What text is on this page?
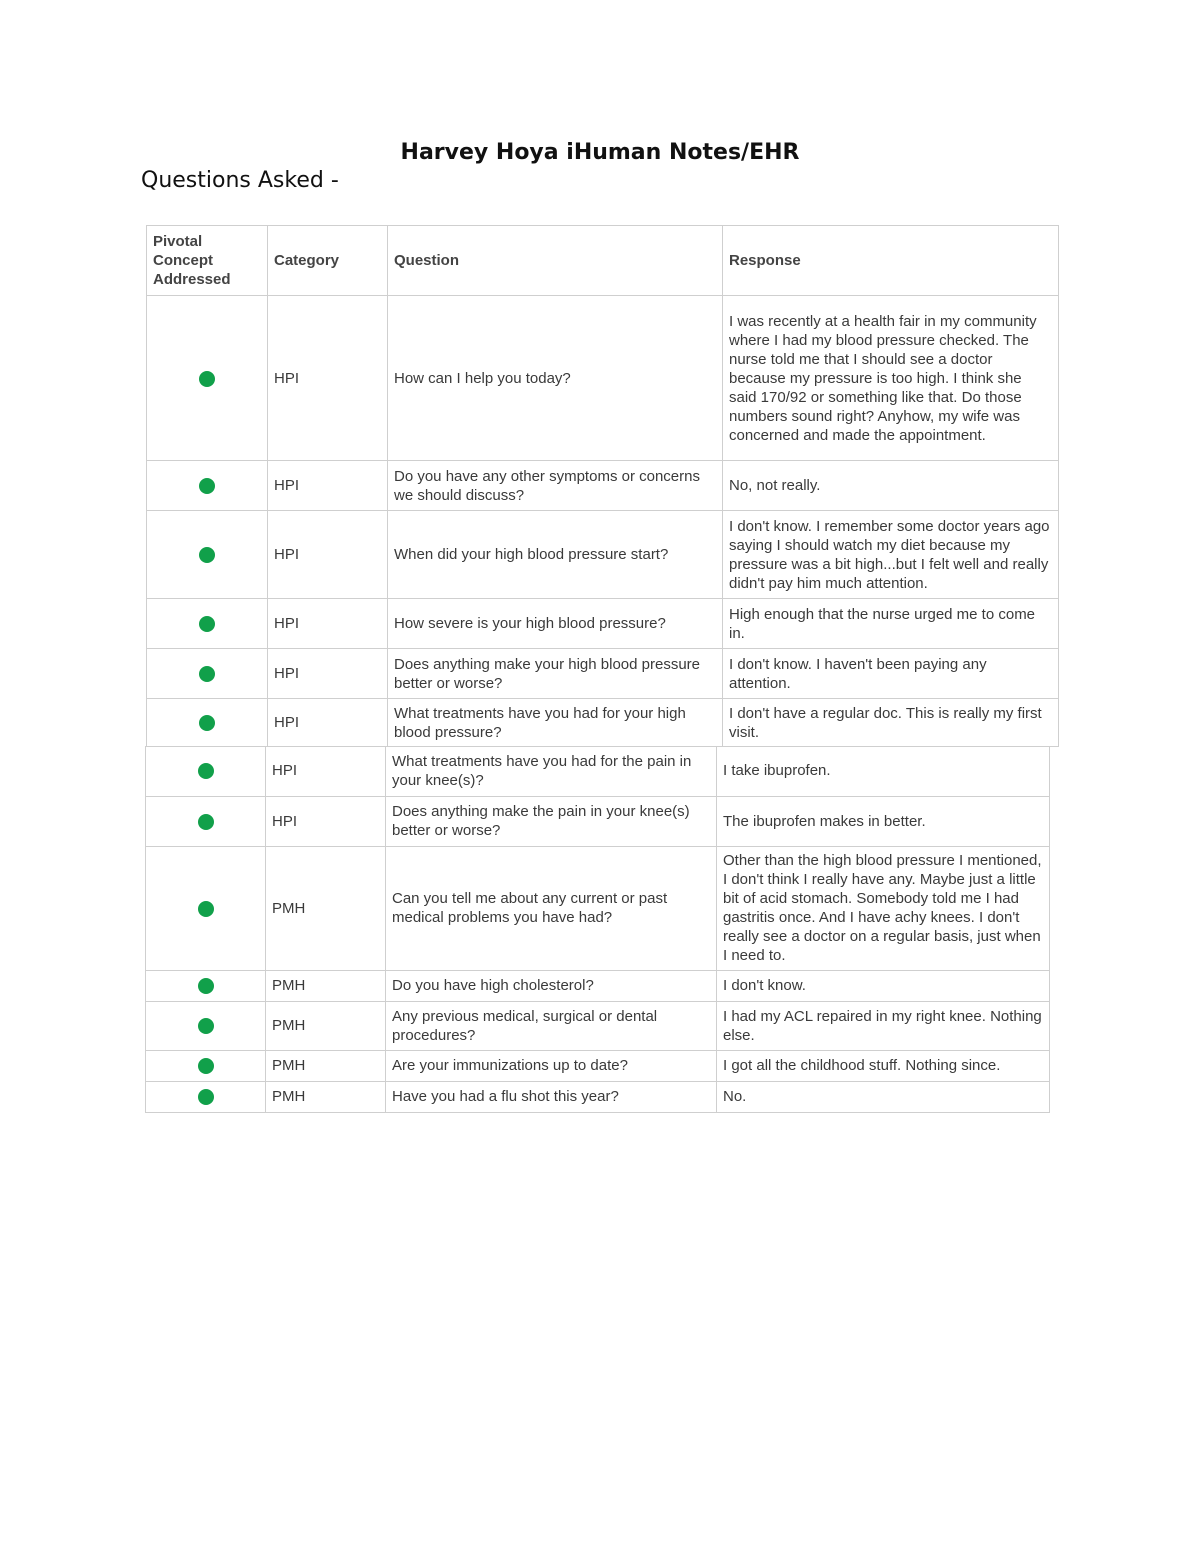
Harvey Hoya iHuman Notes/EHR
Questions Asked -
Pivotal Concept Addressed	Category	Question	Response
	HPI	How can I help you today?	I was recently at a health fair in my community where I had my blood pressure checked. The nurse told me that I should see a doctor because my pressure is too high. I think she said 170/92 or something like that. Do those numbers sound right? Anyhow, my wife was concerned and made the appointment.
	HPI	Do you have any other symptoms or concerns we should discuss?	No, not really.
	HPI	When did your high blood pressure start?	I don't know. I remember some doctor years ago saying I should watch my diet because my pressure was a bit high...but I felt well and really didn't pay him much attention.
	HPI	How severe is your high blood pressure?	High enough that the nurse urged me to come in.
	HPI	Does anything make your high blood pressure better or worse?	I don't know. I haven't been paying any attention.
	HPI	What treatments have you had for your high blood pressure?	I don't have a regular doc. This is really my first visit.
	HPI	What treatments have you had for the pain in your knee(s)?	I take ibuprofen.
	HPI	Does anything make the pain in your knee(s) better or worse?	The ibuprofen makes in better.
	PMH	Can you tell me about any current or past medical problems you have had?	Other than the high blood pressure I mentioned, I don't think I really have any. Maybe just a little bit of acid stomach. Somebody told me I had gastritis once. And I have achy knees. I don't really see a doctor on a regular basis, just when I need to.
	PMH	Do you have high cholesterol?	I don't know.
	PMH	Any previous medical, surgical or dental procedures?	I had my ACL repaired in my right knee. Nothing else.
	PMH	Are your immunizations up to date?	I got all the childhood stuff. Nothing since.
	PMH	Have you had a flu shot this year?	No.
